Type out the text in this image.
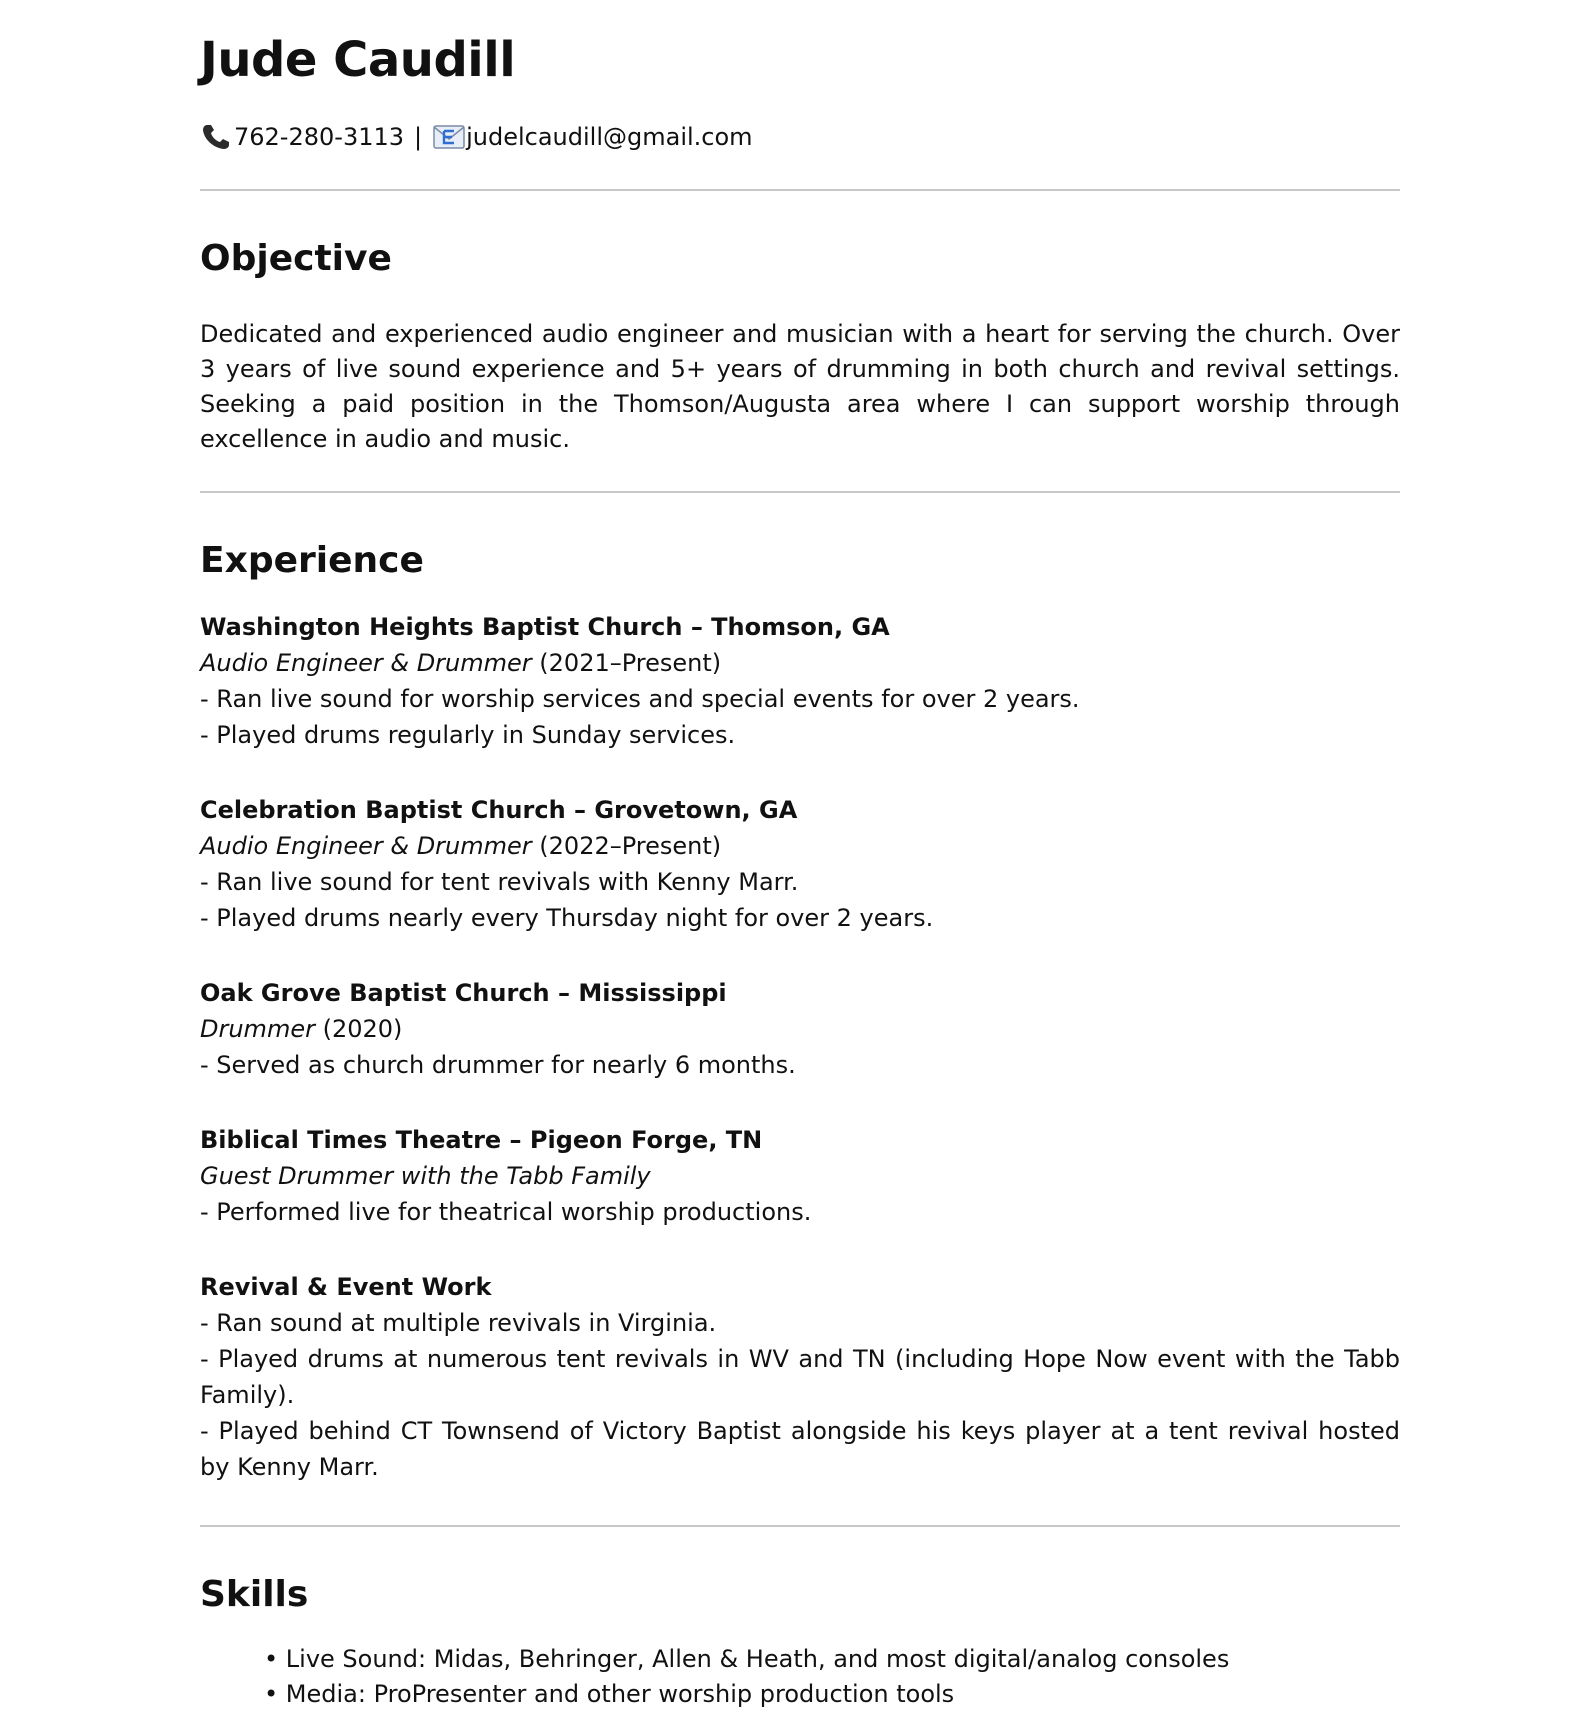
Jude Caudill
762-280-3113 | judelcaudill@gmail.com
Objective

Dedicated and experienced audio engineer and musician with a heart for serving the church. Over 3 years of live sound experience and 5+ years of drumming in both church and revival settings. Seeking a paid position in the Thomson/Augusta area where I can support worship through excellence in audio and music.

Experience
Washington Heights Baptist Church – Thomson, GA
Audio Engineer & Drummer (2021–Present)
- Ran live sound for worship services and special events for over 2 years.
- Played drums regularly in Sunday services.
Celebration Baptist Church – Grovetown, GA
Audio Engineer & Drummer (2022–Present)
- Ran live sound for tent revivals with Kenny Marr.
- Played drums nearly every Thursday night for over 2 years.
Oak Grove Baptist Church – Mississippi
Drummer (2020)
- Served as church drummer for nearly 6 months.
Biblical Times Theatre – Pigeon Forge, TN
Guest Drummer with the Tabb Family
- Performed live for theatrical worship productions.
Revival & Event Work
- Ran sound at multiple revivals in Virginia.
- Played drums at numerous tent revivals in WV and TN (including Hope Now event with the Tabb Family).
- Played behind CT Townsend of Victory Baptist alongside his keys player at a tent revival hosted by Kenny Marr.
Skills
• Live Sound: Midas, Behringer, Allen & Heath, and most digital/analog consoles
• Media: ProPresenter and other worship production tools
